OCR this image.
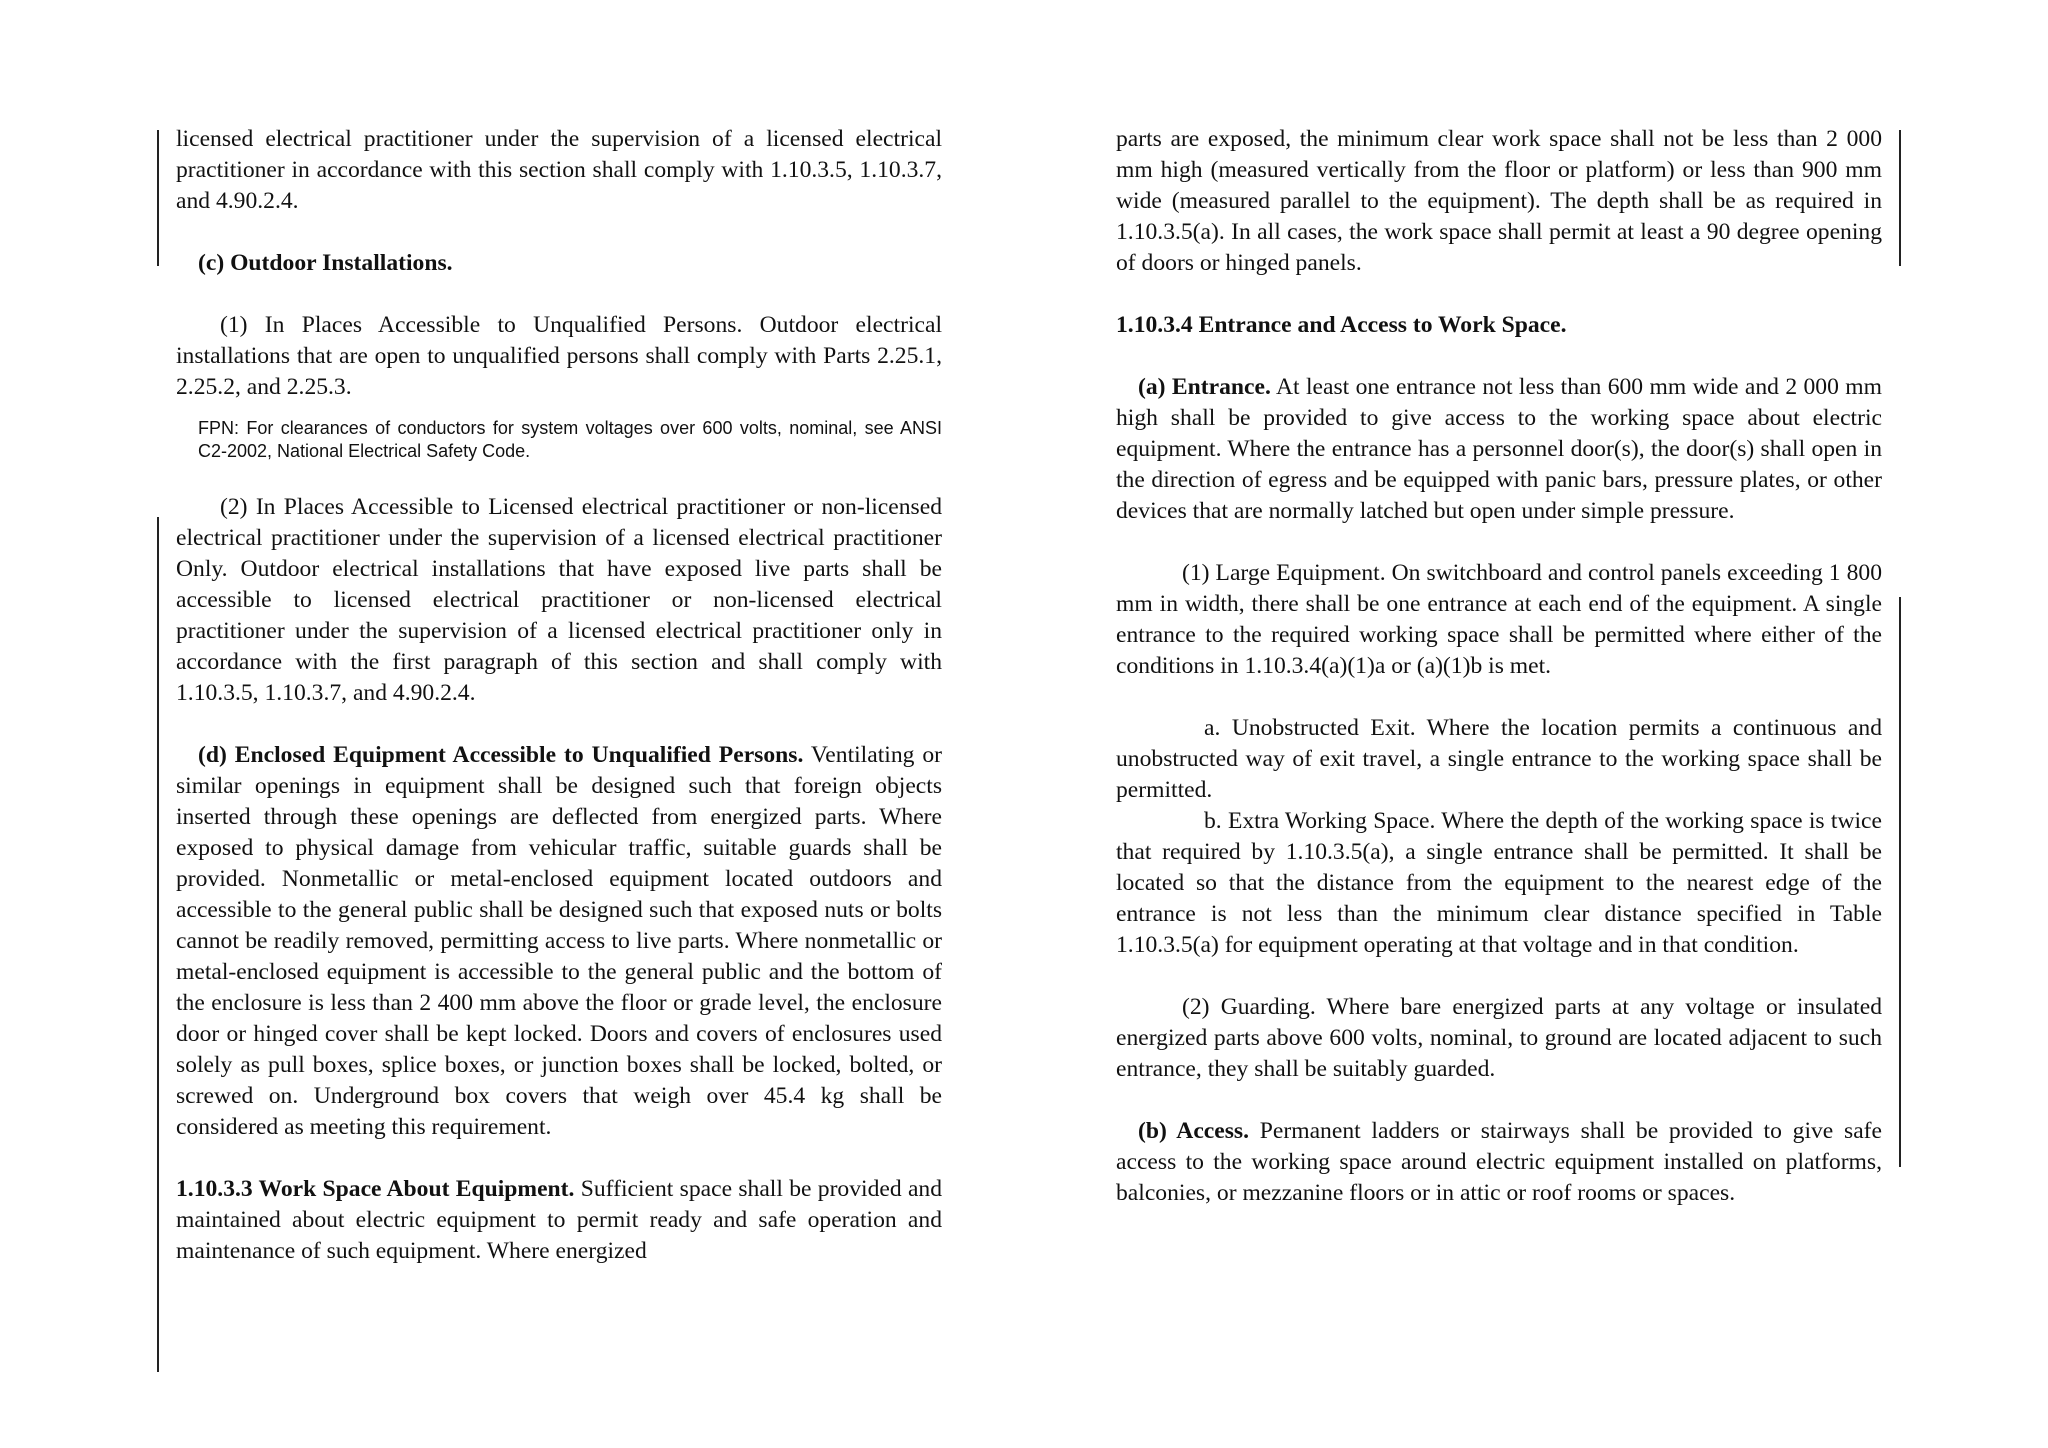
licensed electrical practitioner under the supervision of a licensed electrical practitioner in accordance with this section shall comply with 1.10.3.5, 1.10.3.7, and 4.90.2.4.

(c) Outdoor Installations.

(1) In Places Accessible to Unqualified Persons. Outdoor electrical installations that are open to unqualified persons shall comply with Parts 2.25.1, 2.25.2, and 2.25.3.

FPN: For clearances of conductors for system voltages over 600 volts, nominal, see ANSI C2-2002, National Electrical Safety Code.

(2) In Places Accessible to Licensed electrical practitioner or non-licensed electrical practitioner under the supervision of a licensed electrical practitioner Only. Outdoor electrical installations that have exposed live parts shall be accessible to licensed electrical practitioner or non-licensed electrical practitioner under the supervision of a licensed electrical practitioner only in accordance with the first paragraph of this section and shall comply with 1.10.3.5, 1.10.3.7, and 4.90.2.4.

(d) Enclosed Equipment Accessible to Unqualified Persons. Ventilating or similar openings in equipment shall be designed such that foreign objects inserted through these openings are deflected from energized parts. Where exposed to physical damage from vehicular traffic, suitable guards shall be provided. Nonmetallic or metal-enclosed equipment located outdoors and accessible to the general public shall be designed such that exposed nuts or bolts cannot be readily removed, permitting access to live parts. Where nonmetallic or metal-enclosed equipment is accessible to the general public and the bottom of the enclosure is less than 2 400 mm above the floor or grade level, the enclosure door or hinged cover shall be kept locked. Doors and covers of enclosures used solely as pull boxes, splice boxes, or junction boxes shall be locked, bolted, or screwed on. Underground box covers that weigh over 45.4 kg shall be considered as meeting this requirement.

1.10.3.3 Work Space About Equipment. Sufficient space shall be provided and maintained about electric equipment to permit ready and safe operation and maintenance of such equipment. Where energized

parts are exposed, the minimum clear work space shall not be less than 2 000 mm high (measured vertically from the floor or platform) or less than 900 mm wide (measured parallel to the equipment). The depth shall be as required in 1.10.3.5(a). In all cases, the work space shall permit at least a 90 degree opening of doors or hinged panels.

1.10.3.4 Entrance and Access to Work Space.

(a) Entrance. At least one entrance not less than 600 mm wide and 2 000 mm high shall be provided to give access to the working space about electric equipment. Where the entrance has a personnel door(s), the door(s) shall open in the direction of egress and be equipped with panic bars, pressure plates, or other devices that are normally latched but open under simple pressure.

(1) Large Equipment. On switchboard and control panels exceeding 1 800 mm in width, there shall be one entrance at each end of the equipment. A single entrance to the required working space shall be permitted where either of the conditions in 1.10.3.4(a)(1)a or (a)(1)b is met.

a. Unobstructed Exit. Where the location permits a continuous and unobstructed way of exit travel, a single entrance to the working space shall be permitted.

b. Extra Working Space. Where the depth of the working space is twice that required by 1.10.3.5(a), a single entrance shall be permitted. It shall be located so that the distance from the equipment to the nearest edge of the entrance is not less than the minimum clear distance specified in Table 1.10.3.5(a) for equipment operating at that voltage and in that condition.

(2) Guarding. Where bare energized parts at any voltage or insulated energized parts above 600 volts, nominal, to ground are located adjacent to such entrance, they shall be suitably guarded.

(b) Access. Permanent ladders or stairways shall be provided to give safe access to the working space around electric equipment installed on platforms, balconies, or mezzanine floors or in attic or roof rooms or spaces.
